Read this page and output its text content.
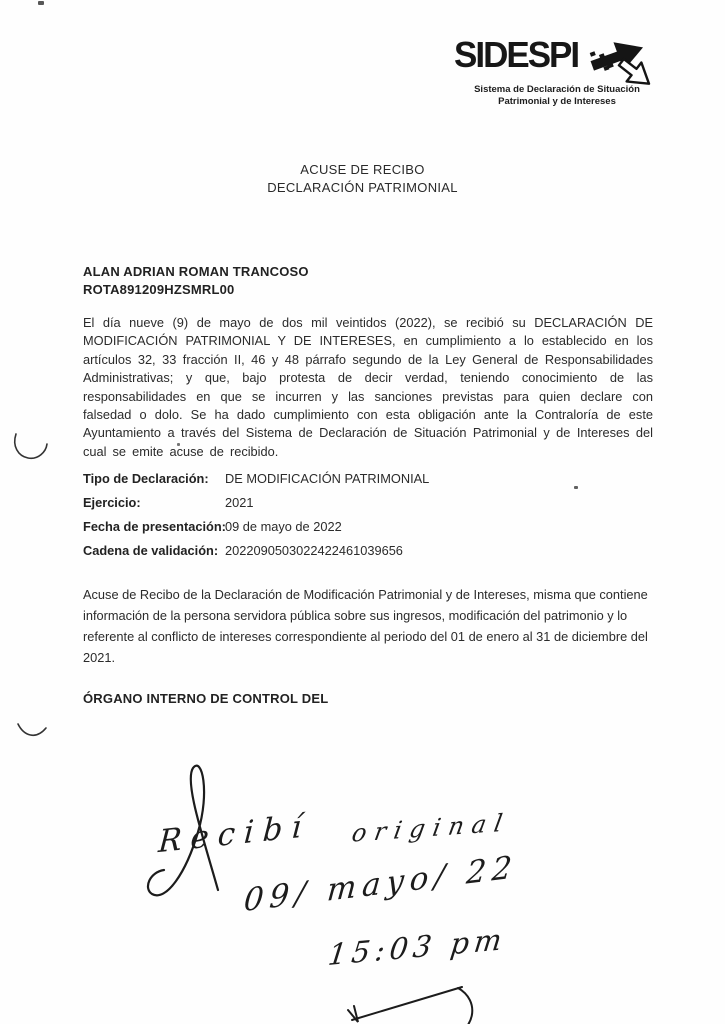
SIDESPI
Sistema de Declaración de Situación
Patrimonial y de Intereses
ACUSE DE RECIBO
DECLARACIÓN PATRIMONIAL
ALAN ADRIAN ROMAN TRANCOSO
ROTA891209HZSMRL00

El día nueve (9) de mayo de dos mil veintidos (2022), se recibió su DECLARACIÓN DE MODIFICACIÓN PATRIMONIAL Y DE INTERESES, en cumplimiento a lo establecido en los artículos 32, 33 fracción II, 46 y 48 párrafo segundo de la Ley General de Responsabilidades Administrativas; y que, bajo protesta de decir verdad, teniendo conocimiento de las responsabilidades en que se incurren y las sanciones previstas para quien declare con falsedad o dolo. Se ha dado cumplimiento con esta obligación ante la Contraloría de este Ayuntamiento a través del Sistema de Declaración de Situación Patrimonial y de Intereses del cual se emite acuse de recibido.

Tipo de Declaración:	DE MODIFICACIÓN PATRIMONIAL
Ejercicio:	2021
Fecha de presentación: 09 de mayo de 2022
Cadena de validación: 2022090503022422461039656

Acuse de Recibo de la Declaración de Modificación Patrimonial y de Intereses, misma que contiene información de la persona servidora pública sobre sus ingresos, modificación del patrimonio y lo referente al conflicto de intereses correspondiente al periodo del 01 de enero al 31 de diciembre del 2021.

ÓRGANO INTERNO DE CONTROL DEL
Recibí original
09/ mayo/ 22
15:03 pm
